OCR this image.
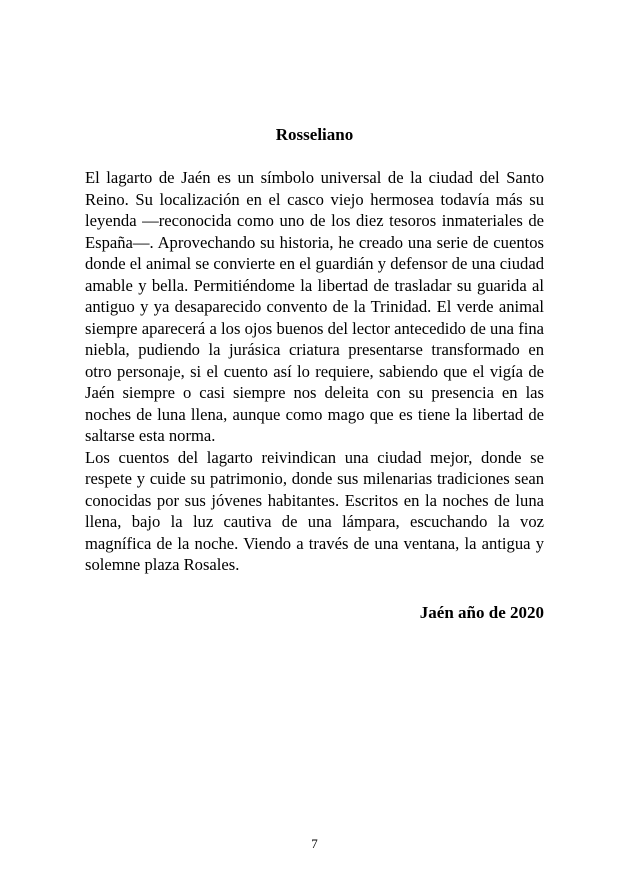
Rosseliano

El lagarto de Jaén es un símbolo universal de la ciudad del Santo Reino. Su localización en el casco viejo hermosea todavía más su leyenda —reconocida como uno de los diez tesoros inmateriales de España—. Aprovechando su historia, he creado una serie de cuentos donde el animal se convierte en el guardián y defensor de una ciudad amable y bella. Permitiéndome la libertad de trasladar su guarida al antiguo y ya desaparecido convento de la Trinidad. El verde animal siempre aparecerá a los ojos buenos del lector antecedido de una fina niebla, pudiendo la jurásica criatura presentarse transformado en otro personaje, si el cuento así lo requiere, sabiendo que el vigía de Jaén siempre o casi siempre nos deleita con su presencia en las noches de luna llena, aunque como mago que es tiene la libertad de saltarse esta norma.

Los cuentos del lagarto reivindican una ciudad mejor, donde se respete y cuide su patrimonio, donde sus milenarias tradiciones sean conocidas por sus jóvenes habitantes. Escritos en la noches de luna llena, bajo la luz cautiva de una lámpara, escuchando la voz magnífica de la noche. Viendo a través de una ventana, la antigua y solemne plaza Rosales.

Jaén año de 2020
7
